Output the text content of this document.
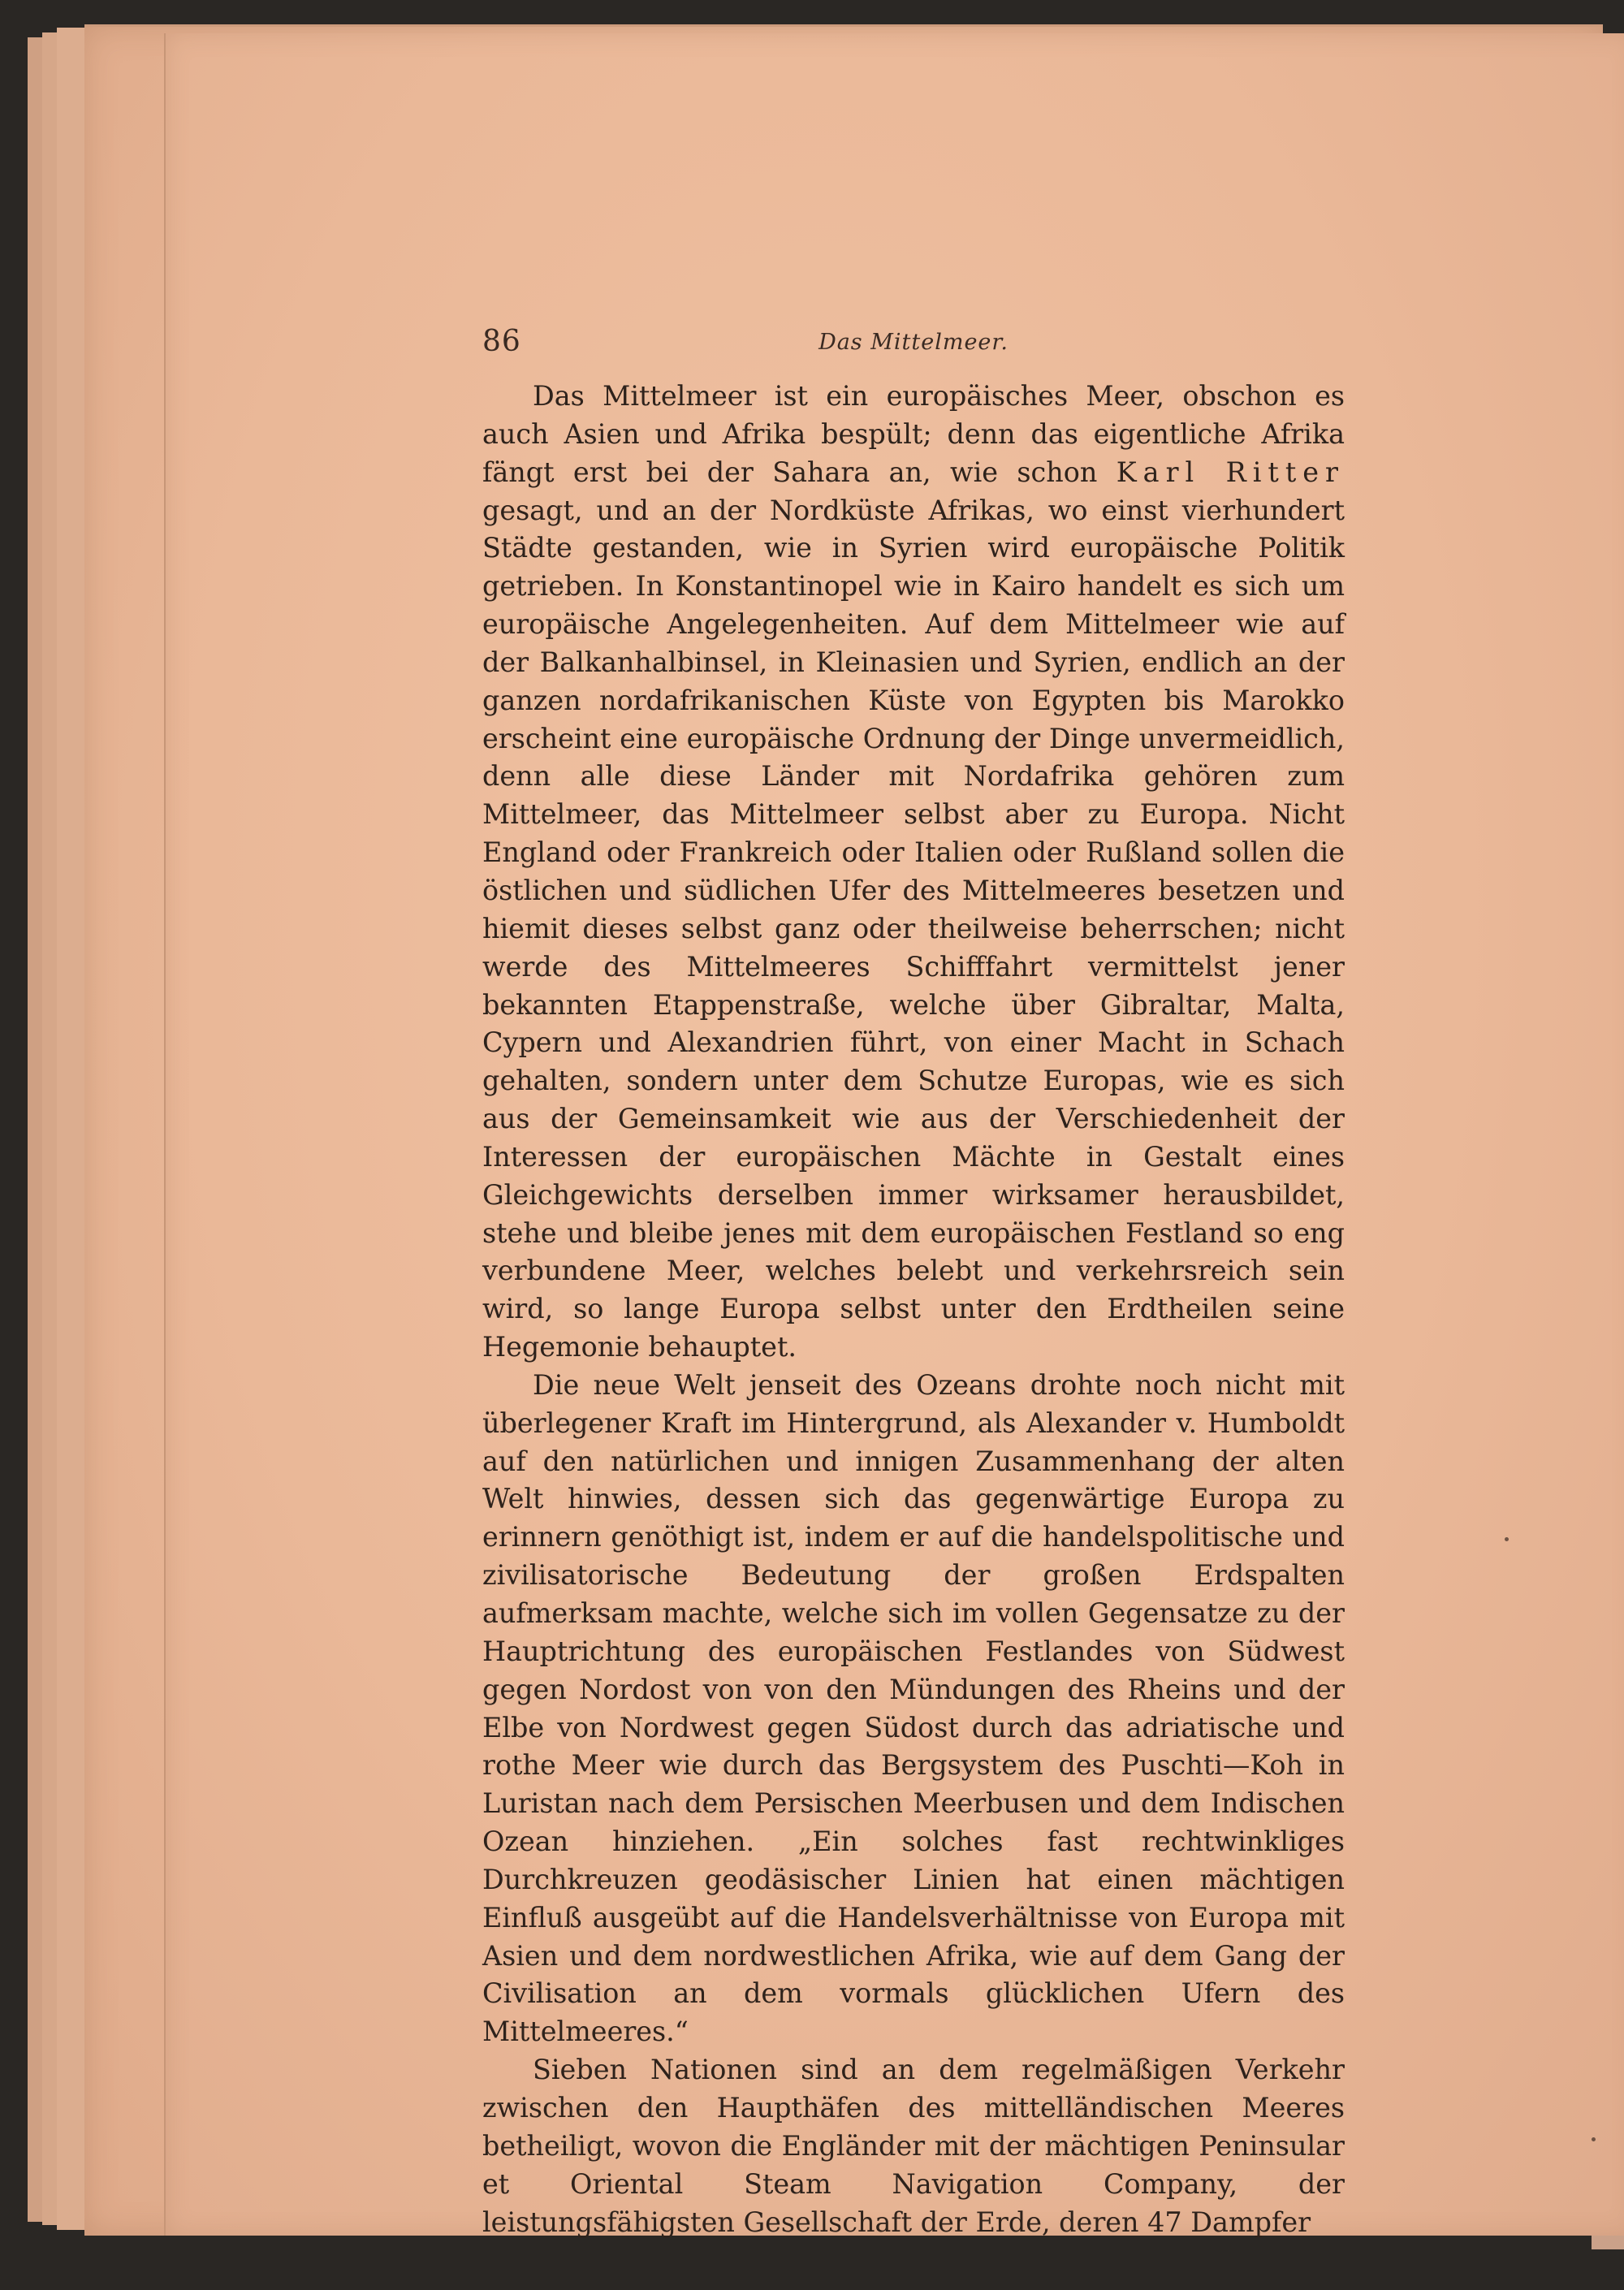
86	Das Mittelmeer.

Das Mittelmeer ist ein europäisches Meer, obschon es auch Asien und Afrika bespült; denn das eigentliche Afrika fängt erst bei der Sahara an, wie schon Karl Ritter gesagt, und an der Nordküste Afrikas, wo einst vierhundert Städte gestanden, wie in Syrien wird europäische Politik getrieben. In Konstantinopel wie in Kairo handelt es sich um europäische Angelegenheiten. Auf dem Mittelmeer wie auf der Balkanhalbinsel, in Kleinasien und Syrien, endlich an der ganzen nordafrikanischen Küste von Egypten bis Marokko erscheint eine europäische Ordnung der Dinge unvermeidlich, denn alle diese Länder mit Nordafrika gehören zum Mittelmeer, das Mittelmeer selbst aber zu Europa. Nicht England oder Frankreich oder Italien oder Rußland sollen die östlichen und südlichen Ufer des Mittelmeeres besetzen und hiemit dieses selbst ganz oder theilweise beherrschen; nicht werde des Mittelmeeres Schifffahrt vermittelst jener bekannten Etappenstraße, welche über Gibraltar, Malta, Cypern und Alexandrien führt, von einer Macht in Schach gehalten, sondern unter dem Schutze Europas, wie es sich aus der Gemeinsamkeit wie aus der Verschiedenheit der Interessen der europäischen Mächte in Gestalt eines Gleichgewichts derselben immer wirksamer herausbildet, stehe und bleibe jenes mit dem europäischen Festland so eng verbundene Meer, welches belebt und verkehrsreich sein wird, so lange Europa selbst unter den Erdtheilen seine Hegemonie behauptet.

Die neue Welt jenseit des Ozeans drohte noch nicht mit überlegener Kraft im Hintergrund, als Alexander v. Humboldt auf den natürlichen und innigen Zusammenhang der alten Welt hinwies, dessen sich das gegenwärtige Europa zu erinnern genöthigt ist, indem er auf die handelspolitische und zivilisatorische Bedeutung der großen Erdspalten aufmerksam machte, welche sich im vollen Gegensatze zu der Hauptrichtung des europäischen Festlandes von Südwest gegen Nordost von von den Mündungen des Rheins und der Elbe von Nordwest gegen Südost durch das adriatische und rothe Meer wie durch das Bergsystem des Puschti—Koh in Luristan nach dem Persischen Meerbusen und dem Indischen Ozean hinziehen. „Ein solches fast rechtwinkliges Durchkreuzen geodäsischer Linien hat einen mächtigen Einfluß ausgeübt auf die Handelsverhältnisse von Europa mit Asien und dem nordwestlichen Afrika, wie auf dem Gang der Civilisation an dem vormals glücklichen Ufern des Mittelmeeres.“

Sieben Nationen sind an dem regelmäßigen Verkehr zwischen den Haupthäfen des mittelländischen Meeres betheiligt, wovon die Engländer mit der mächtigen Peninsular et Oriental Steam Navigation Company, der leistungsfähigsten Gesellschaft der Erde, deren 47 Dampfer
